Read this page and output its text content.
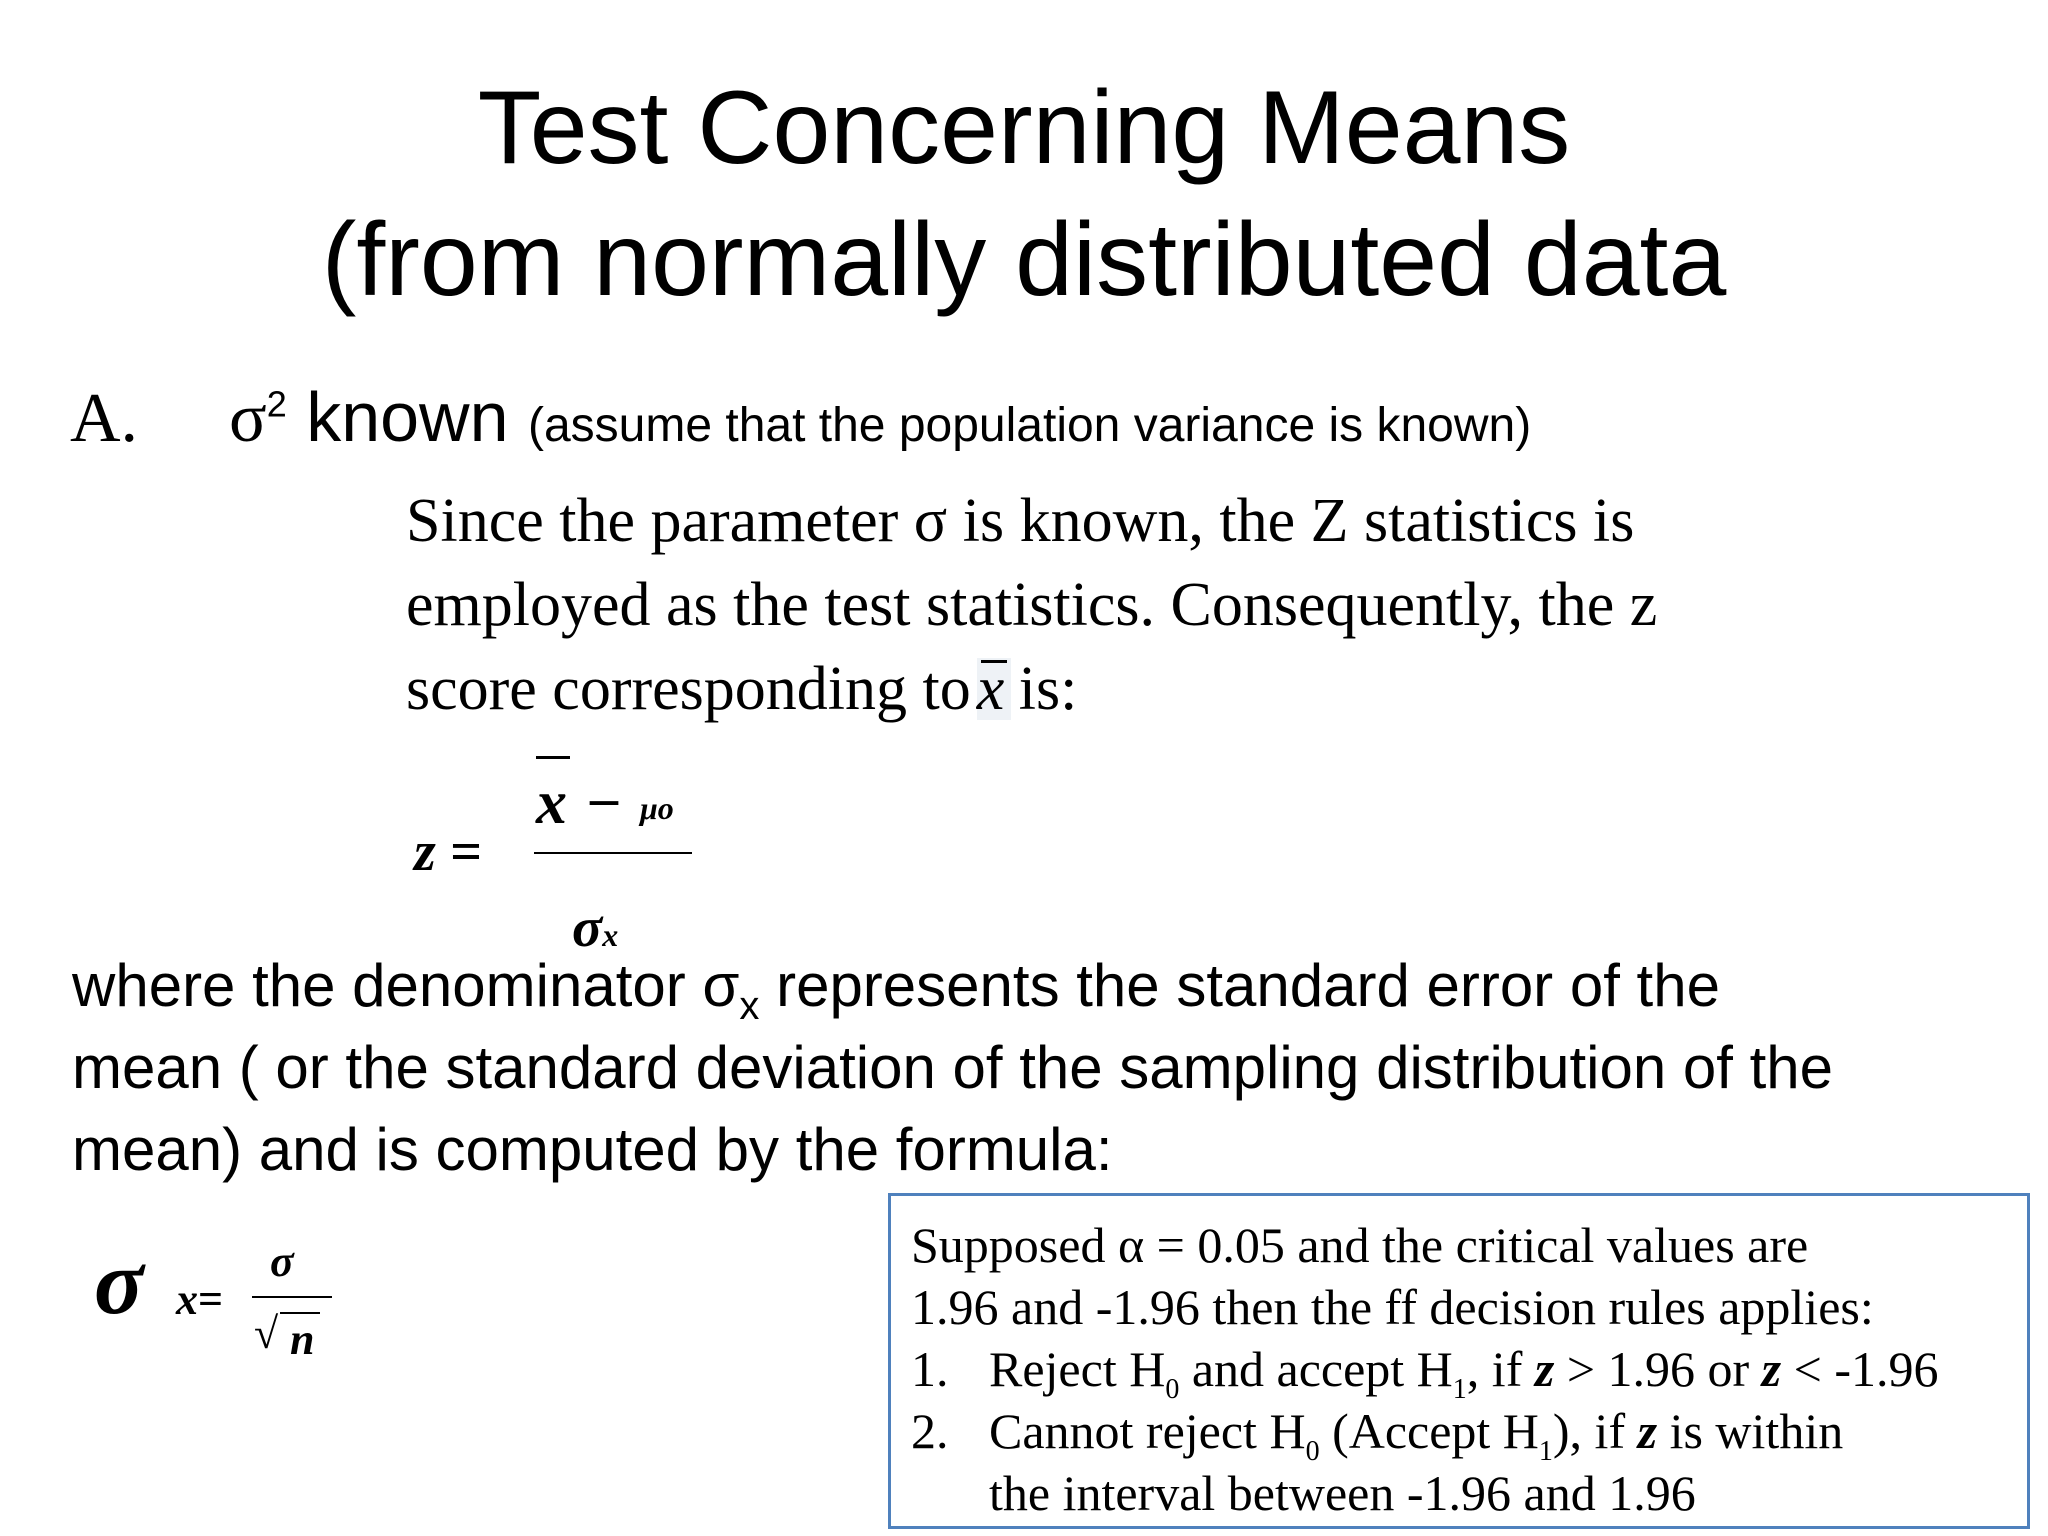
Test Concerning Means
(from normally distributed data
A. $\sigma^2$ known (assume that the population variance is known)
Since the parameter σ is known, the Z statistics is
employed as the test statistics. Consequently, the z
score corresponding tox is:
z =
x – μo
σx
where the denominator $\sigma_x$ represents the standard error of the
mean ( or the standard deviation of the sampling distribution of the
mean) and is computed by the formula:
σ x=
σ
√ n
Supposed α = 0.05 and the critical values are
1.96 and -1.96 then the ff decision rules applies:
1. Reject $H_0$ and accept $H_1$, if z > 1.96 or z < -1.96
2. Cannot reject $H_0$ (Accept $H_1$), if z is within
the interval between -1.96 and 1.96
